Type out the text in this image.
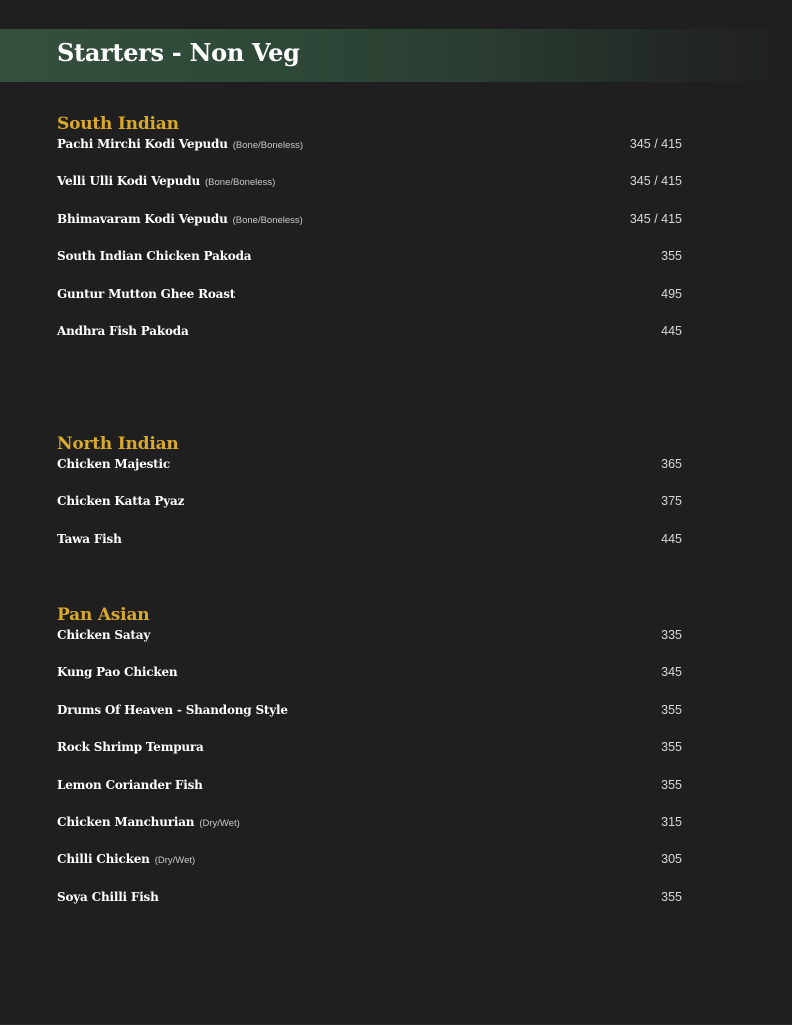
Starters - Non Veg
South Indian
Pachi Mirchi Kodi Vepudu (Bone/Boneless)	345 / 415
Velli Ulli Kodi Vepudu (Bone/Boneless)	345 / 415
Bhimavaram Kodi Vepudu (Bone/Boneless)	345 / 415
South Indian Chicken Pakoda	355
Guntur Mutton Ghee Roast	495
Andhra Fish Pakoda	445
North Indian
Chicken Majestic	365
Chicken Katta Pyaz	375
Tawa Fish	445
Pan Asian
Chicken Satay	335
Kung Pao Chicken	345
Drums Of Heaven - Shandong Style	355
Rock Shrimp Tempura	355
Lemon Coriander Fish	355
Chicken Manchurian (Dry/Wet)	315
Chilli Chicken (Dry/Wet)	305
Soya Chilli Fish	355
